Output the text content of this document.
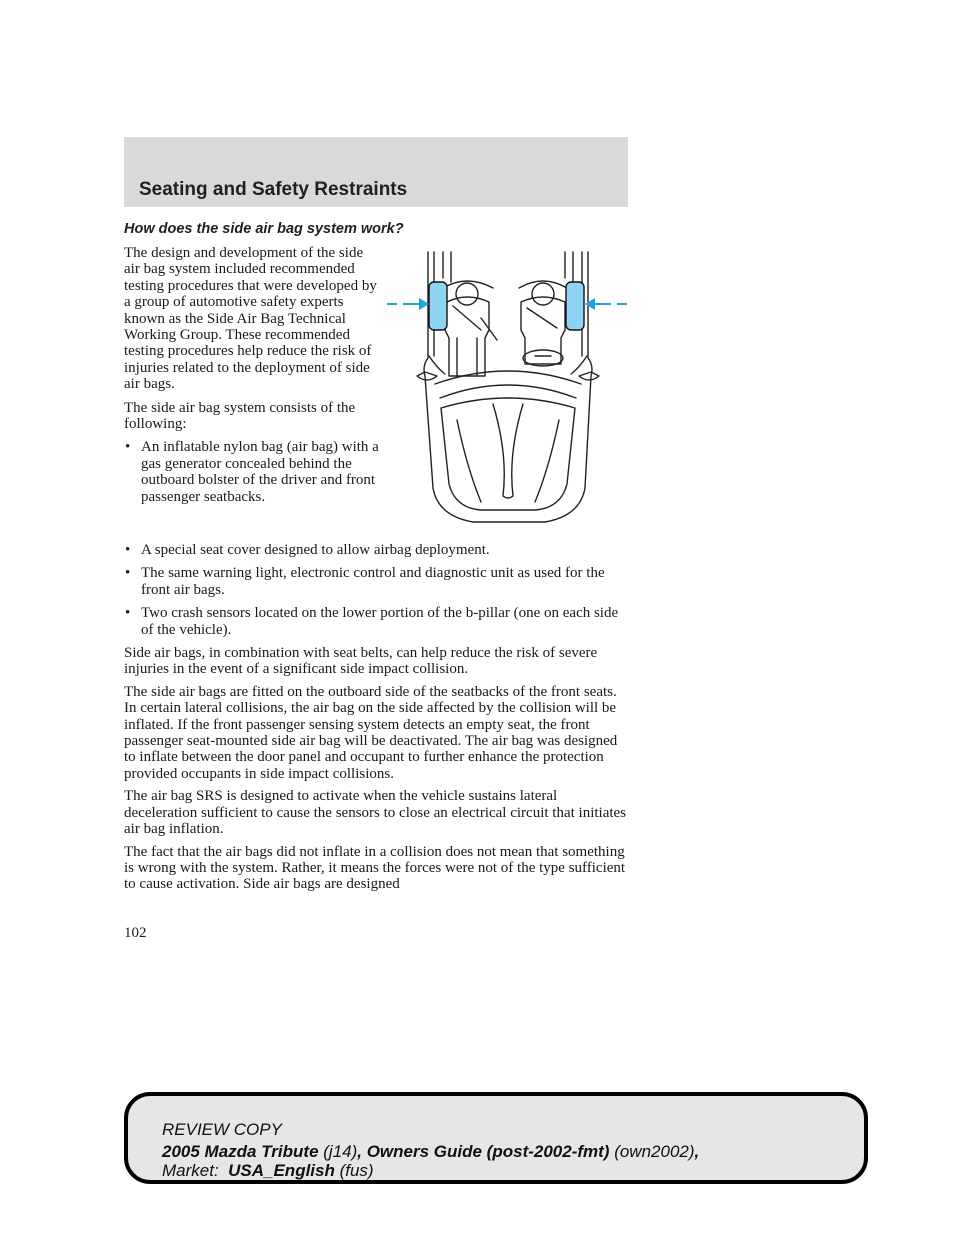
Seating and Safety Restraints
How does the side air bag system work?

The design and development of the side air bag system included recommended testing procedures that were developed by a group of automotive safety experts known as the Side Air Bag Technical Working Group. These recommended testing procedures help reduce the risk of injuries related to the deployment of side air bags.

The side air bag system consists of the following:

• An inflatable nylon bag (air bag) with a gas generator concealed behind the outboard bolster of the driver and front passenger seatbacks.
• A special seat cover designed to allow airbag deployment.
• The same warning light, electronic control and diagnostic unit as used for the front air bags.
• Two crash sensors located on the lower portion of the b-pillar (one on each side of the vehicle).

Side air bags, in combination with seat belts, can help reduce the risk of severe injuries in the event of a significant side impact collision.

The side air bags are fitted on the outboard side of the seatbacks of the front seats. In certain lateral collisions, the air bag on the side affected by the collision will be inflated. If the front passenger sensing system detects an empty seat, the front passenger seat-mounted side air bag will be deactivated. The air bag was designed to inflate between the door panel and occupant to further enhance the protection provided occupants in side impact collisions.

The air bag SRS is designed to activate when the vehicle sustains lateral deceleration sufficient to cause the sensors to close an electrical circuit that initiates air bag inflation.

The fact that the air bags did not inflate in a collision does not mean that something is wrong with the system. Rather, it means the forces were not of the type sufficient to cause activation. Side air bags are designed

102

REVIEW COPY
2005 Mazda Tribute (j14), Owners Guide (post-2002-fmt) (own2002),
Market:  USA_English (fus)
